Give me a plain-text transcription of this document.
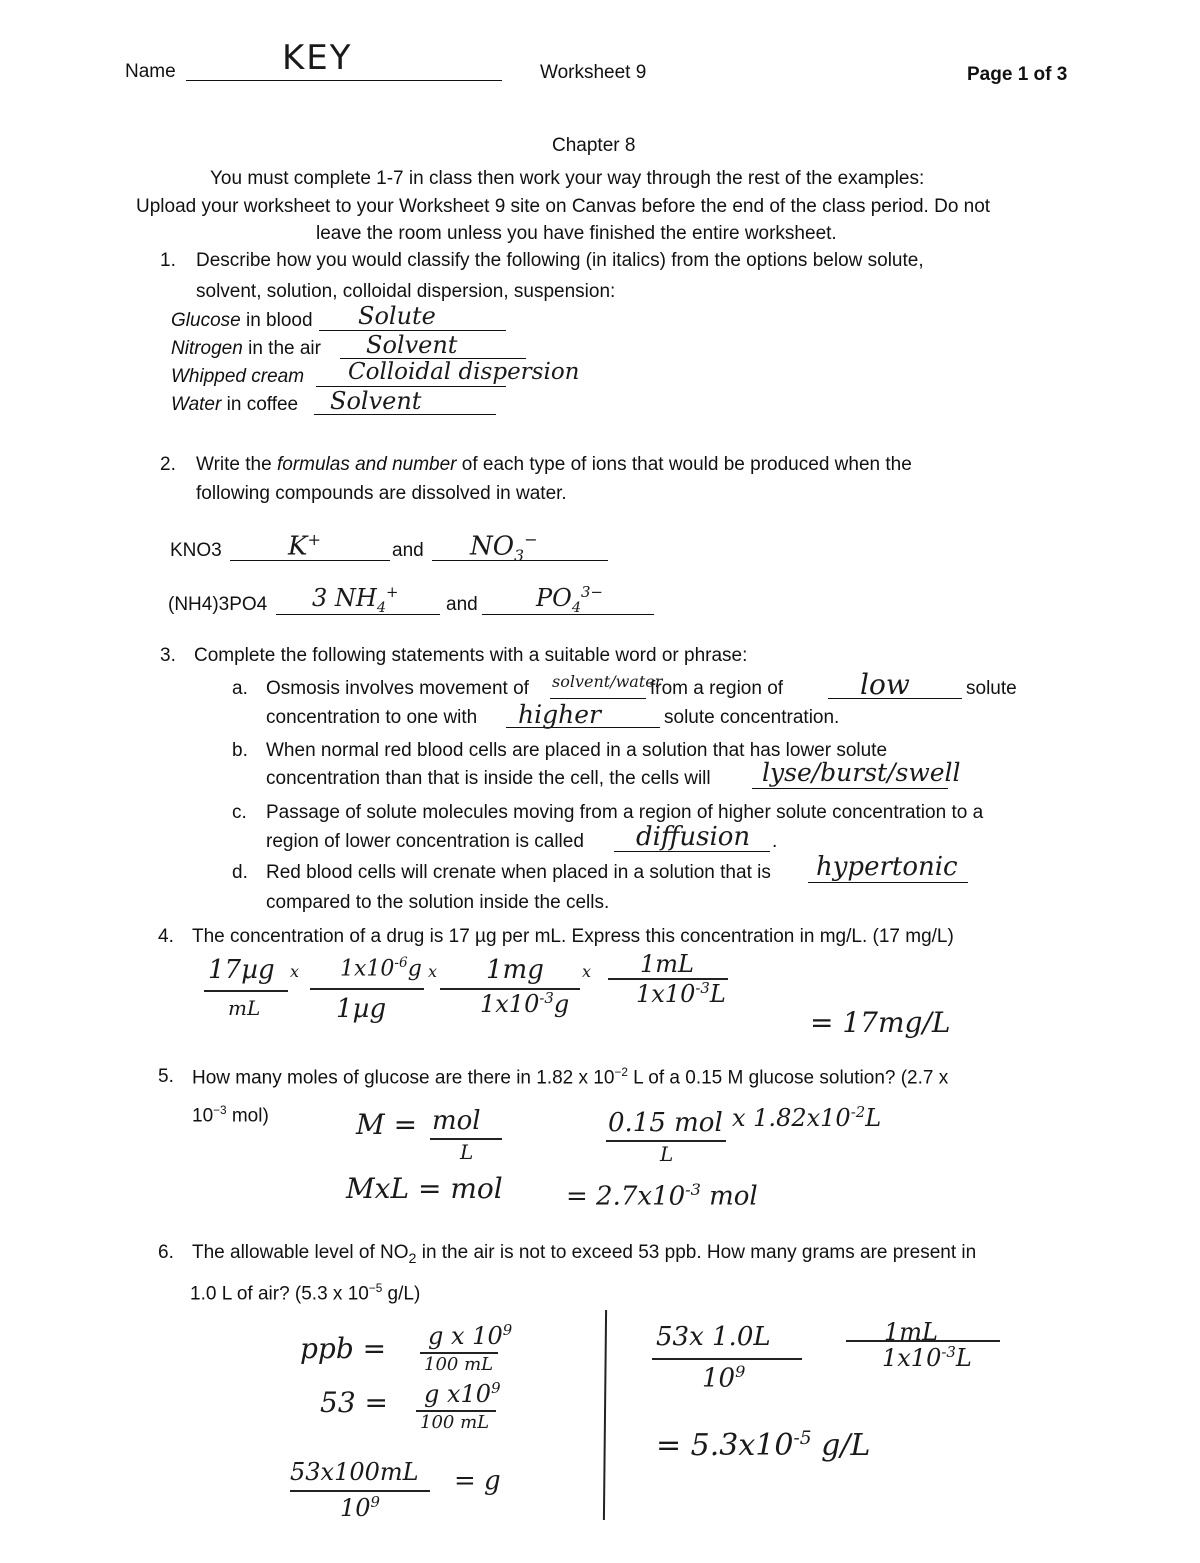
Name	KEY	Worksheet 9	Page 1 of 3
Chapter 8
You must complete 1-7 in class then work your way through the rest of the examples:
Upload your worksheet to your Worksheet 9 site on Canvas before the end of the class period. Do not
leave the room unless you have finished the entire worksheet.
1. Describe how you would classify the following (in italics) from the options below solute,
solvent, solution, colloidal dispersion, suspension:
Glucose in blood Solute
Nitrogen in the air Solvent
Whipped cream Colloidal dispersion
Water in coffee Solvent
2. Write the formulas and number of each type of ions that would be produced when the
following compounds are dissolved in water.
KNO3	K+
and $NO_3^-$
(NH4)3PO4 3 $NH_4^+$
and $PO_4^{3-}$
3. Complete the following statements with a suitable word or phrase:
a. Osmosis involves movement of solvent/water
from a region of	low	solute
concentration to one with higher	solute concentration.
b. When normal red blood cells are placed in a solution that has lower solute
concentration than that is inside the cell, the cells will lyse/burst/swell
c. Passage of solute molecules moving from a region of higher solute concentration to a
region of lower concentration is called diffusion .
d. Red blood cells will crenate when placed in a solution that is hypertonic
compared to the solution inside the cells.
4. The concentration of a drug is 17 µg per mL. Express this concentration in mg/L. (17 mg/L)
17µg
mL
x $1x10^{-6}g$
1µg
x 1mg
$1x10^{-3}g$
x 1mL
$1x10^{-3}L$
= 17mg/L
5. How many moles of glucose are there in 1.82 x $10^{-2}$ L of a 0.15 M glucose solution? (2.7 x
$10^{-3}$ mol)	M = mol
L
MxL = mol
0.15 mol
L
x $1.82x10^{-2}L$
= $2.7x10^{-3}$ mol
6. The allowable level of $NO_2$ in the air is not to exceed 53 ppb. How many grams are present in
1.0 L of air? (5.3 x $10^{-5}$ g/L)
ppb = g x $10^9$
100 mL
53 = g $x10^9$
100 mL
53x100mL
$10^9$
= g
53x 1.0L
$10^9$
1mL
$1x10^{-3}L$
= $5.3x10^{-5}$ g/L
